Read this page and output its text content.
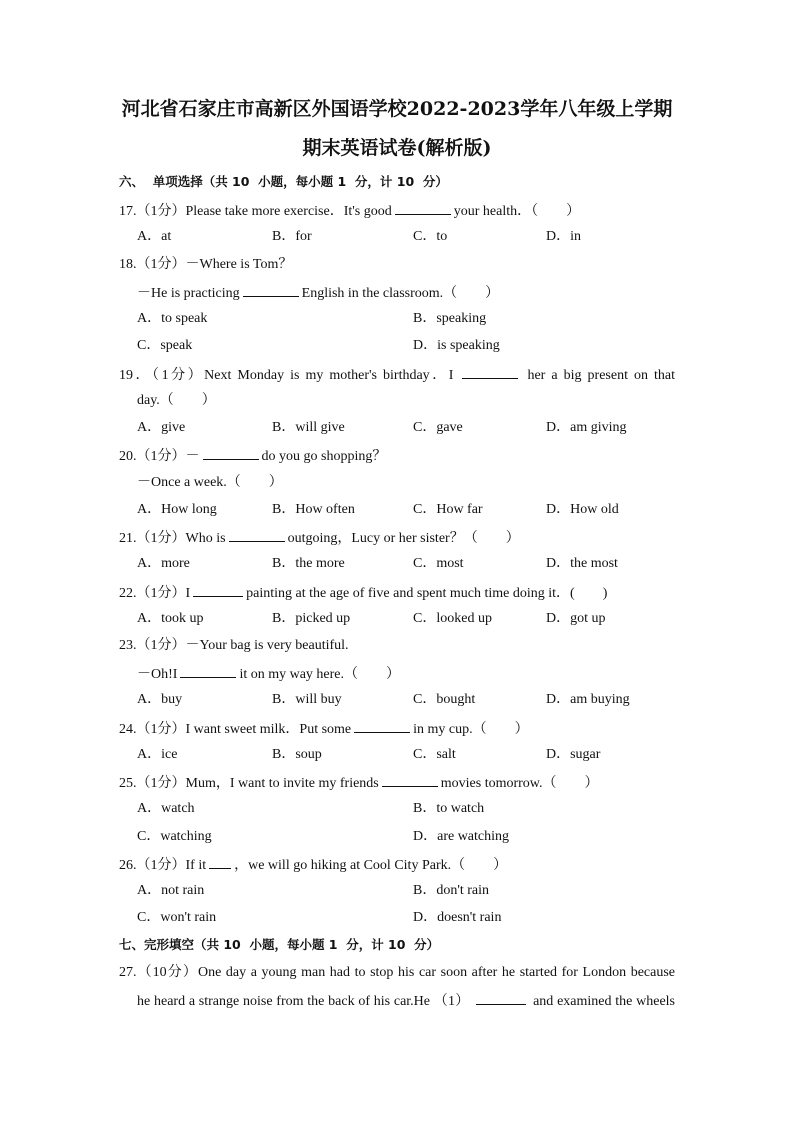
河北省石家庄市高新区外国语学校2022-2023学年八年级上学期
期末英语试卷(解析版)
六、  单项选择（共 10  小题，每小题 1  分，计 10  分）
17.（1分）Please take more exercise．It's good	your health．（　　）
A．at	B．for	C．to	D．in
18.（1分）－Where is Tom？
－He is practicing	English in the classroom.（　　）
A．to speak	B．speaking
C．speak	D．is speaking
19．（1分）Next Monday is my mother's birthday．I	her a big present on that
day.（　　）
A．give	B．will give	C．gave	D．am giving
20.（1分）－	do you go shopping？
－Once a week.（　　）
A．How long	B．How often	C．How far	D．How old
21.（1分）Who is	outgoing，Lucy or her sister？（　　）
A．more	B．the more	C．most	D．the most
22.（1分）I	painting at the age of five and spent much time doing it．(　　)
A．took up	B．picked up	C．looked up	D．got up
23.（1分）－Your bag is very beautiful.
－Oh!I	it on my way here.（　　）
A．buy	B．will buy	C．bought	D．am buying
24.（1分）I want sweet milk．Put some	in my cup.（　　）
A．ice	B．soup	C．salt	D．sugar
25.（1分）Mum，I want to invite my friends	movies tomorrow.（　　）
A．watch	B．to watch
C．watching	D．are watching
26.（1分）If it ，we will go hiking at Cool City Park.（　　）
A．not rain	B．don't rain
C．won't rain	D．doesn't rain
七、完形填空（共 10  小题，每小题 1  分，计 10  分）
27.（10分）One day a young man had to stop his car soon after he started for London because
he heard a strange noise from the back of his car.He （1）	and examined the wheels
